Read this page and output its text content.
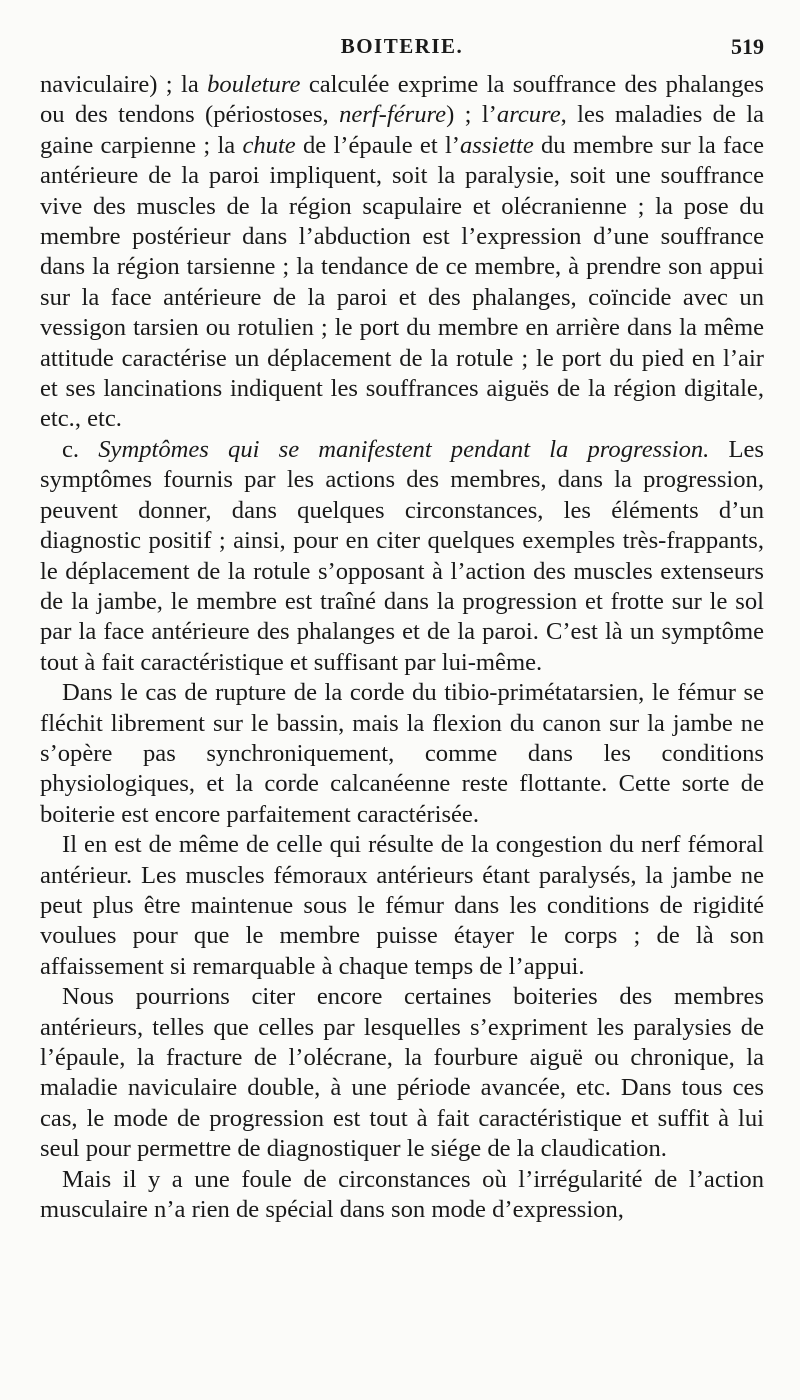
BOITERIE.	519

naviculaire) ; la bouleture calculée exprime la souffrance des phalanges ou des tendons (périostoses, nerf-férure) ; l’arcure, les maladies de la gaine carpienne ; la chute de l’épaule et l’assiette du membre sur la face antérieure de la paroi impliquent, soit la paralysie, soit une souffrance vive des muscles de la région scapulaire et olécranienne ; la pose du membre postérieur dans l’abduction est l’expression d’une souffrance dans la région tarsienne ; la tendance de ce membre, à prendre son appui sur la face antérieure de la paroi et des phalanges, coïncide avec un vessigon tarsien ou rotulien ; le port du membre en arrière dans la même attitude caractérise un déplacement de la rotule ; le port du pied en l’air et ses lancinations indiquent les souffrances aiguës de la région digitale, etc., etc.

c. Symptômes qui se manifestent pendant la progression. Les symptômes fournis par les actions des membres, dans la progression, peuvent donner, dans quelques circonstances, les éléments d’un diagnostic positif ; ainsi, pour en citer quelques exemples très-frappants, le déplacement de la rotule s’opposant à l’action des muscles extenseurs de la jambe, le membre est traîné dans la progression et frotte sur le sol par la face antérieure des phalanges et de la paroi. C’est là un symptôme tout à fait caractéristique et suffisant par lui-même.

Dans le cas de rupture de la corde du tibio-primétatarsien, le fémur se fléchit librement sur le bassin, mais la flexion du canon sur la jambe ne s’opère pas synchroniquement, comme dans les conditions physiologiques, et la corde calcanéenne reste flottante. Cette sorte de boiterie est encore parfaitement caractérisée.

Il en est de même de celle qui résulte de la congestion du nerf fémoral antérieur. Les muscles fémoraux antérieurs étant paralysés, la jambe ne peut plus être maintenue sous le fémur dans les conditions de rigidité voulues pour que le membre puisse étayer le corps ; de là son affaissement si remarquable à chaque temps de l’appui.

Nous pourrions citer encore certaines boiteries des membres antérieurs, telles que celles par lesquelles s’expriment les paralysies de l’épaule, la fracture de l’olécrane, la fourbure aiguë ou chronique, la maladie naviculaire double, à une période avancée, etc. Dans tous ces cas, le mode de progression est tout à fait caractéristique et suffit à lui seul pour permettre de diagnostiquer le siége de la claudication.

Mais il y a une foule de circonstances où l’irrégularité de l’action musculaire n’a rien de spécial dans son mode d’expression,
